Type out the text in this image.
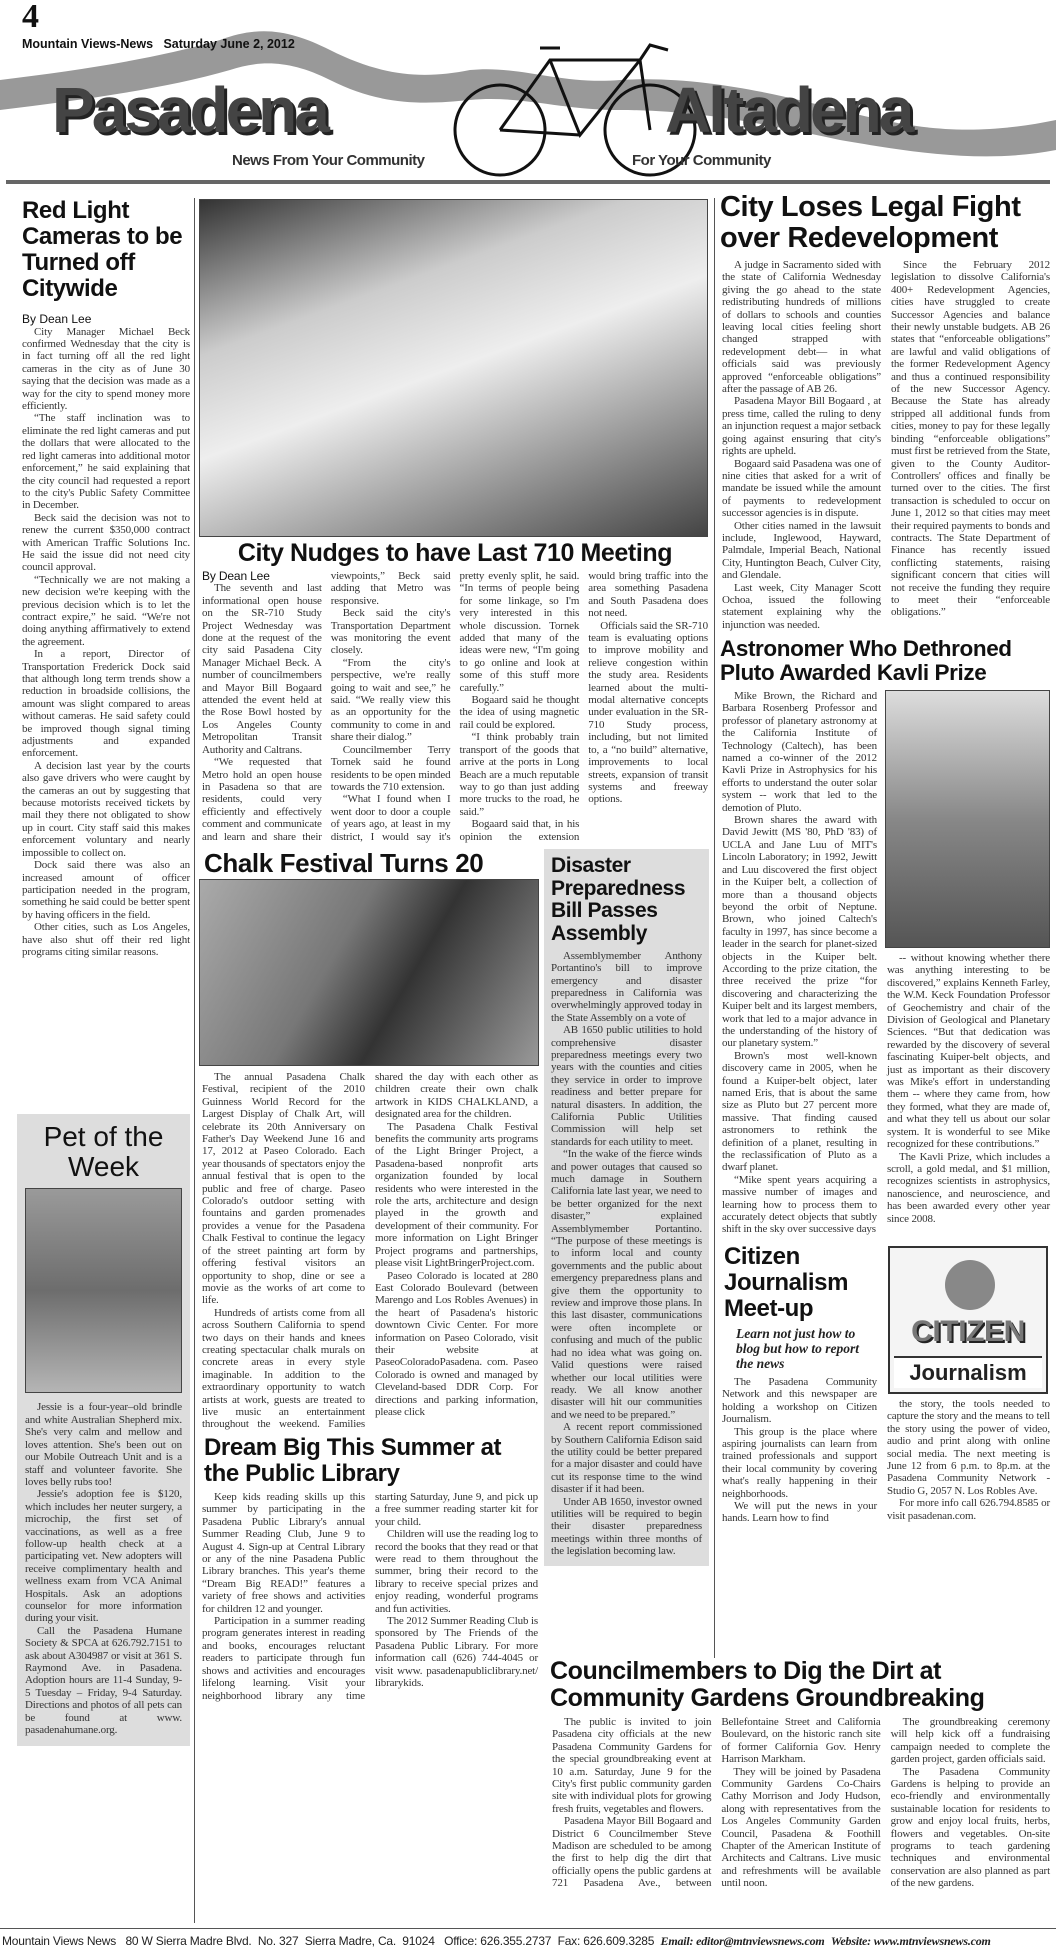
4
Mountain Views-News   Saturday June 2, 2012
Pasadena	Altadena
News From Your Community	For Your Community
Red Light Cameras to be Turned off Citywide
By Dean Lee

City Manager Michael Beck confirmed Wednesday that the city is in fact turning off all the red light cameras in the city as of June 30 saying that the decision was made as a way for the city to spend money more efficiently.

“The staff inclination was to eliminate the red light cameras and put the dollars that were allocated to the red light cameras into additional motor enforcement,” he said explaining that the city council had requested a report to the city's Public Safety Committee in December.

Beck said the decision was not to renew the current $350,000 contract with American Traffic Solutions Inc. He said the issue did not need city council approval.

“Technically we are not making a new decision we're keeping with the previous decision which is to let the contract expire,” he said. “We're not doing anything affirmatively to extend the agreement.

In a report, Director of Transportation Frederick Dock said that although long term trends show a reduction in broadside collisions, the amount was slight compared to areas without cameras. He said safety could be improved though signal timing adjustments and expanded enforcement.

A decision last year by the courts also gave drivers who were caught by the cameras an out by suggesting that because motorists received tickets by mail they there not obligated to show up in court. City staff said this makes enforcement voluntary and nearly impossible to collect on.

Dock said there was also an increased amount of officer participation needed in the program, something he said could be better spent by having officers in the field.

Other cities, such as Los Angeles, have also shut off their red light programs citing similar reasons.

Pet of the Week

Jessie is a four-year–old brindle and white Australian Shepherd mix. She's very calm and mellow and loves attention. She's been out on our Mobile Outreach Unit and is a staff and volunteer favorite. She loves belly rubs too!

Jessie's adoption fee is $120, which includes her neuter surgery, a microchip, the first set of vaccinations, as well as a free follow-up health check at a participating vet. New adopters will receive complimentary health and wellness exam from VCA Animal Hospitals. Ask an adoptions counselor for more information during your visit.

Call the Pasadena Humane Society & SPCA at 626.792.7151 to ask about A304987 or visit at 361 S. Raymond Ave. in Pasadena. Adoption hours are 11-4 Sunday, 9-5 Tuesday – Friday, 9-4 Saturday. Directions and photos of all pets can be found at www. pasadenahumane.org.

City Nudges to have Last 710 Meeting
By Dean Lee

The seventh and last informational open house on the SR-710 Study Project Wednesday was done at the request of the city said Pasadena City Manager Michael Beck. A number of councilmembers and Mayor Bill Bogaard attended the event held at the Rose Bowl hosted by Los Angeles County Metropolitan Transit Authority and Caltrans.

“We requested that Metro hold an open house in Pasadena so that are residents, could very efficiently and effectively comment and communicate and learn and share their viewpoints,” Beck said adding that Metro was responsive.

Beck said the city's Transportation Department was monitoring the event closely.

“From the city's perspective, we're really going to wait and see,” he said. “We really view this as an opportunity for the community to come in and share their dialog.”

Councilmember Terry Tornek said he found residents to be open minded towards the 710 extension.

“What I found when I went door to door a couple of years ago, at least in my district, I would say it's pretty evenly split, he said. “In terms of people being for some linkage, so I'm very interested in this whole discussion. Tornek added that many of the ideas were new, “I'm going to go online and look at some of this stuff more carefully.”

Bogaard said he thought the idea of using magnetic rail could be explored.

“I think probably train transport of the goods that arrive at the ports in Long Beach are a much reputable way to go than just adding more trucks to the road, he said.”

Bogaard said that, in his opinion the extension would bring traffic into the area something Pasadena and South Pasadena does not need.

Officials said the SR-710 team is evaluating options to improve mobility and relieve congestion within the study area. Residents learned about the multi-modal alternative concepts under evaluation in the SR-710 Study process, including, but not limited to, a “no build” alternative, improvements to local streets, expansion of transit systems and freeway options.

Chalk Festival Turns 20

The annual Pasadena Chalk Festival, recipient of the 2010 Guinness World Record for the Largest Display of Chalk Art, will celebrate its 20th Anniversary on Father's Day Weekend June 16 and 17, 2012 at Paseo Colorado. Each year thousands of spectators enjoy the annual festival that is open to the public and free of charge. Paseo Colorado's outdoor setting with fountains and garden promenades provides a venue for the Pasadena Chalk Festival to continue the legacy of the street painting art form by offering festival visitors an opportunity to shop, dine or see a movie as the works of art come to life.

Hundreds of artists come from all across Southern California to spend two days on their hands and knees creating spectacular chalk murals on concrete areas in every style imaginable. In addition to the extraordinary opportunity to watch artists at work, guests are treated to live music an entertainment throughout the weekend. Families shared the day with each other as children create their own chalk artwork in KIDS CHALKLAND, a designated area for the children.

The Pasadena Chalk Festival benefits the community arts programs of the Light Bringer Project, a Pasadena-based nonprofit arts organization founded by local residents who were interested in the role the arts, architecture and design played in the growth and development of their community. For more information on Light Bringer Project programs and partnerships, please visit LightBringerProject.com.

Paseo Colorado is located at 280 East Colorado Boulevard (between Marengo and Los Robles Avenues) in the heart of Pasadena's historic downtown Civic Center. For more information on Paseo Colorado, visit their website at PaseoColoradoPasadena. com. Paseo Colorado is owned and managed by Cleveland-based DDR Corp. For directions and parking information, please click

Dream Big This Summer at the Public Library

Keep kids reading skills up this summer by participating in the Pasadena Public Library's annual Summer Reading Club, June 9 to August 4. Sign-up at Central Library or any of the nine Pasadena Public Library branches. This year's theme “Dream Big READ!” features a variety of free shows and activities for children 12 and younger.

Participation in a summer reading program generates interest in reading and books, encourages reluctant readers to participate through fun shows and activities and encourages lifelong learning. Visit your neighborhood library any time starting Saturday, June 9, and pick up a free summer reading starter kit for your child.

Children will use the reading log to record the books that they read or that were read to them throughout the summer, bring their record to the library to receive special prizes and enjoy reading, wonderful programs and fun activities.

The 2012 Summer Reading Club is sponsored by The Friends of the Pasadena Public Library. For more information call (626) 744-4045 or visit www. pasadenapubliclibrary.net/ librarykids.

Disaster Preparedness Bill Passes Assembly

Assemblymember Anthony Portantino's bill to improve emergency and disaster preparedness in California was overwhelmingly approved today in the State Assembly on a vote of

AB 1650 public utilities to hold comprehensive disaster preparedness meetings every two years with the counties and cities they service in order to improve readiness and better prepare for natural disasters. In addition, the California Public Utilities Commission will help set standards for each utility to meet.

“In the wake of the fierce winds and power outages that caused so much damage in Southern California late last year, we need to be better organized for the next disaster,” explained Assemblymember Portantino. “The purpose of these meetings is to inform local and county governments and the public about emergency preparedness plans and give them the opportunity to review and improve those plans. In this last disaster, communications were often incomplete or confusing and much of the public had no idea what was going on. Valid questions were raised whether our local utilities were ready. We all know another disaster will hit our communities and we need to be prepared.”

A recent report commissioned by Southern California Edison said the utility could be better prepared for a major disaster and could have cut its response time to the wind disaster if it had been.

Under AB 1650, investor owned utilities will be required to begin their disaster preparedness meetings within three months of the legislation becoming law.

City Loses Legal Fight over Redevelopment

A judge in Sacramento sided with the state of California Wednesday giving the go ahead to the state redistributing hundreds of millions of dollars to schools and counties leaving local cities feeling short changed strapped with redevelopment debt— in what officials said was previously approved “enforceable obligations” after the passage of AB 26.

Pasadena Mayor Bill Bogaard , at press time, called the ruling to deny an injunction request a major setback going against ensuring that city's rights are upheld.

Bogaard said Pasadena was one of nine cities that asked for a writ of mandate be issued while the amount of payments to redevelopment successor agencies is in dispute.

Other cities named in the lawsuit include, Inglewood, Hayward, Palmdale, Imperial Beach, National City, Huntington Beach, Culver City, and Glendale.

Last week, City Manager Scott Ochoa, issued the following statement explaining why the injunction was needed.

Since the February 2012 legislation to dissolve California's 400+ Redevelopment Agencies, cities have struggled to create Successor Agencies and balance their newly unstable budgets. AB 26 states that “enforceable obligations” are lawful and valid obligations of the former Redevelopment Agency and thus a continued responsibility of the new Successor Agency. Because the State has already stripped all additional funds from cities, money to pay for these legally binding “enforceable obligations” must first be retrieved from the State, given to the County Auditor-Controllers' offices and finally be turned over to the cities. The first transaction is scheduled to occur on June 1, 2012 so that cities may meet their required payments to bonds and contracts. The State Department of Finance has recently issued conflicting statements, raising significant concern that cities will not receive the funding they require to meet their “enforceable obligations.”

Astronomer Who Dethroned Pluto Awarded Kavli Prize

Mike Brown, the Richard and Barbara Rosenberg Professor and professor of planetary astronomy at the California Institute of Technology (Caltech), has been named a co-winner of the 2012 Kavli Prize in Astrophysics for his efforts to understand the outer solar system -- work that led to the demotion of Pluto.

Brown shares the award with David Jewitt (MS '80, PhD '83) of UCLA and Jane Luu of MIT's Lincoln Laboratory; in 1992, Jewitt and Luu discovered the first object in the Kuiper belt, a collection of more than a thousand objects beyond the orbit of Neptune. Brown, who joined Caltech's faculty in 1997, has since become a leader in the search for planet-sized objects in the Kuiper belt. According to the prize citation, the three received the prize “for discovering and characterizing the Kuiper belt and its largest members, work that led to a major advance in the understanding of the history of our planetary system.”

Brown's most well-known discovery came in 2005, when he found a Kuiper-belt object, later named Eris, that is about the same size as Pluto but 27 percent more massive. That finding caused astronomers to rethink the definition of a planet, resulting in the reclassification of Pluto as a dwarf planet.

“Mike spent years acquiring a massive number of images and learning how to process them to accurately detect objects that subtly shift in the sky over successive days

-- without knowing whether there was anything interesting to be discovered,” explains Kenneth Farley, the W.M. Keck Foundation Professor of Geochemistry and chair of the Division of Geological and Planetary Sciences. “But that dedication was rewarded by the discovery of several fascinating Kuiper-belt objects, and just as important as their discovery was Mike's effort in understanding them -- where they came from, how they formed, what they are made of, and what they tell us about our solar system. It is wonderful to see Mike recognized for these contributions.”

The Kavli Prize, which includes a scroll, a gold medal, and $1 million, recognizes scientists in astrophysics, nanoscience, and neuroscience, and has been awarded every other year since 2008.

Citizen Journalism Meet-up
Learn not just how to blog but how to report the news

The Pasadena Community Network and this newspaper are holding a workshop on Citizen Journalism.

This group is the place where aspiring journalists can learn from trained professionals and support their local community by covering what's really happening in their neighborhoods.

We will put the news in your hands. Learn how to find

CITIZEN
Journalism

the story, the tools needed to capture the story and the means to tell the story using the power of video, audio and print along with online social media. The next meeting is June 12 from 6 p.m. to 8p.m. at the Pasadena Community Network - Studio G, 2057 N. Los Robles Ave.

For more info call 626.794.8585 or visit pasadenan.com.

Councilmembers to Dig the Dirt at Community Gardens Groundbreaking

The public is invited to join Pasadena city officials at the new Pasadena Community Gardens for the special groundbreaking event at 10 a.m. Saturday, June 9 for the City's first public community garden site with individual plots for growing fresh fruits, vegetables and flowers.

Pasadena Mayor Bill Bogaard and District 6 Councilmember Steve Madison are scheduled to be among the first to help dig the dirt that officially opens the public gardens at 721 Pasadena Ave., between Bellefontaine Street and California Boulevard, on the historic ranch site of former California Gov. Henry Harrison Markham.

They will be joined by Pasadena Community Gardens Co-Chairs Cathy Morrison and Jody Hudson, along with representatives from the Los Angeles Community Garden Council, Pasadena & Foothill Chapter of the American Institute of Architects and Caltrans. Live music and refreshments will be available until noon.

The groundbreaking ceremony will help kick off a fundraising campaign needed to complete the garden project, garden officials said.

The Pasadena Community Gardens is helping to provide an eco-friendly and environmentally sustainable location for residents to grow and enjoy local fruits, herbs, flowers and vegetables. On-site programs to teach gardening techniques and environmental conservation are also planned as part of the new gardens.

Mountain Views News 80 W Sierra Madre Blvd.  No. 327  Sierra Madre, Ca.  91024 Office: 626.355.2737 Fax: 626.609.3285 Email: editor@mtnviewsnews.com Website: www.mtnviewsnews.com
